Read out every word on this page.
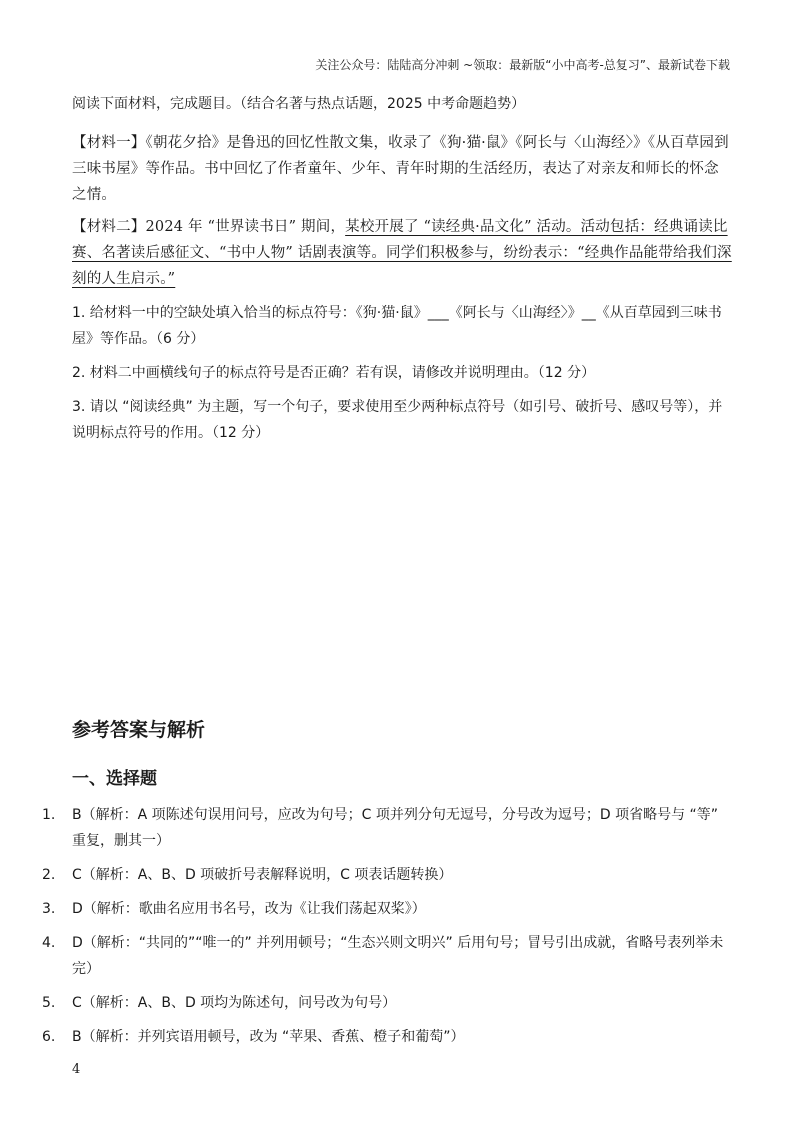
关注公众号：陆陆高分冲刺 ~领取：最新版“小中高考-总复习”、最新试卷下载

阅读下面材料，完成题目。（结合名著与热点话题，2025 中考命题趋势）

【材料一】《朝花夕拾》是鲁迅的回忆性散文集，收录了《狗·猫·鼠》《阿长与〈山海经〉》《从百草园到三味书屋》等作品。书中回忆了作者童年、少年、青年时期的生活经历，表达了对亲友和师长的怀念之情。

【材料二】2024 年 “世界读书日” 期间，某校开展了 “读经典·品文化” 活动。活动包括：经典诵读比赛、名著读后感征文、“书中人物” 话剧表演等。同学们积极参与，纷纷表示：“经典作品能带给我们深刻的人生启示。”

1. 给材料一中的空缺处填入恰当的标点符号：《狗·猫·鼠》___《阿长与〈山海经〉》__《从百草园到三味书屋》等作品。（6 分）

2. 材料二中画横线句子的标点符号是否正确？若有误，请修改并说明理由。（12 分）

3. 请以 “阅读经典” 为主题，写一个句子，要求使用至少两种标点符号（如引号、破折号、感叹号等），并说明标点符号的作用。（12 分）

参考答案与解析
一、选择题
1. B（解析：A 项陈述句误用问号，应改为句号；C 项并列分句无逗号，分号改为逗号；D 项省略号与 “等” 重复，删其一）
2. C（解析：A、B、D 项破折号表解释说明，C 项表话题转换）
3. D（解析：歌曲名应用书名号，改为《让我们荡起双桨》）
4. D（解析：“共同的”“唯一的” 并列用顿号；“生态兴则文明兴” 后用句号；冒号引出成就，省略号表列举未完）
5. C（解析：A、B、D 项均为陈述句，问号改为句号）
6. B（解析：并列宾语用顿号，改为 “苹果、香蕉、橙子和葡萄”）
4
